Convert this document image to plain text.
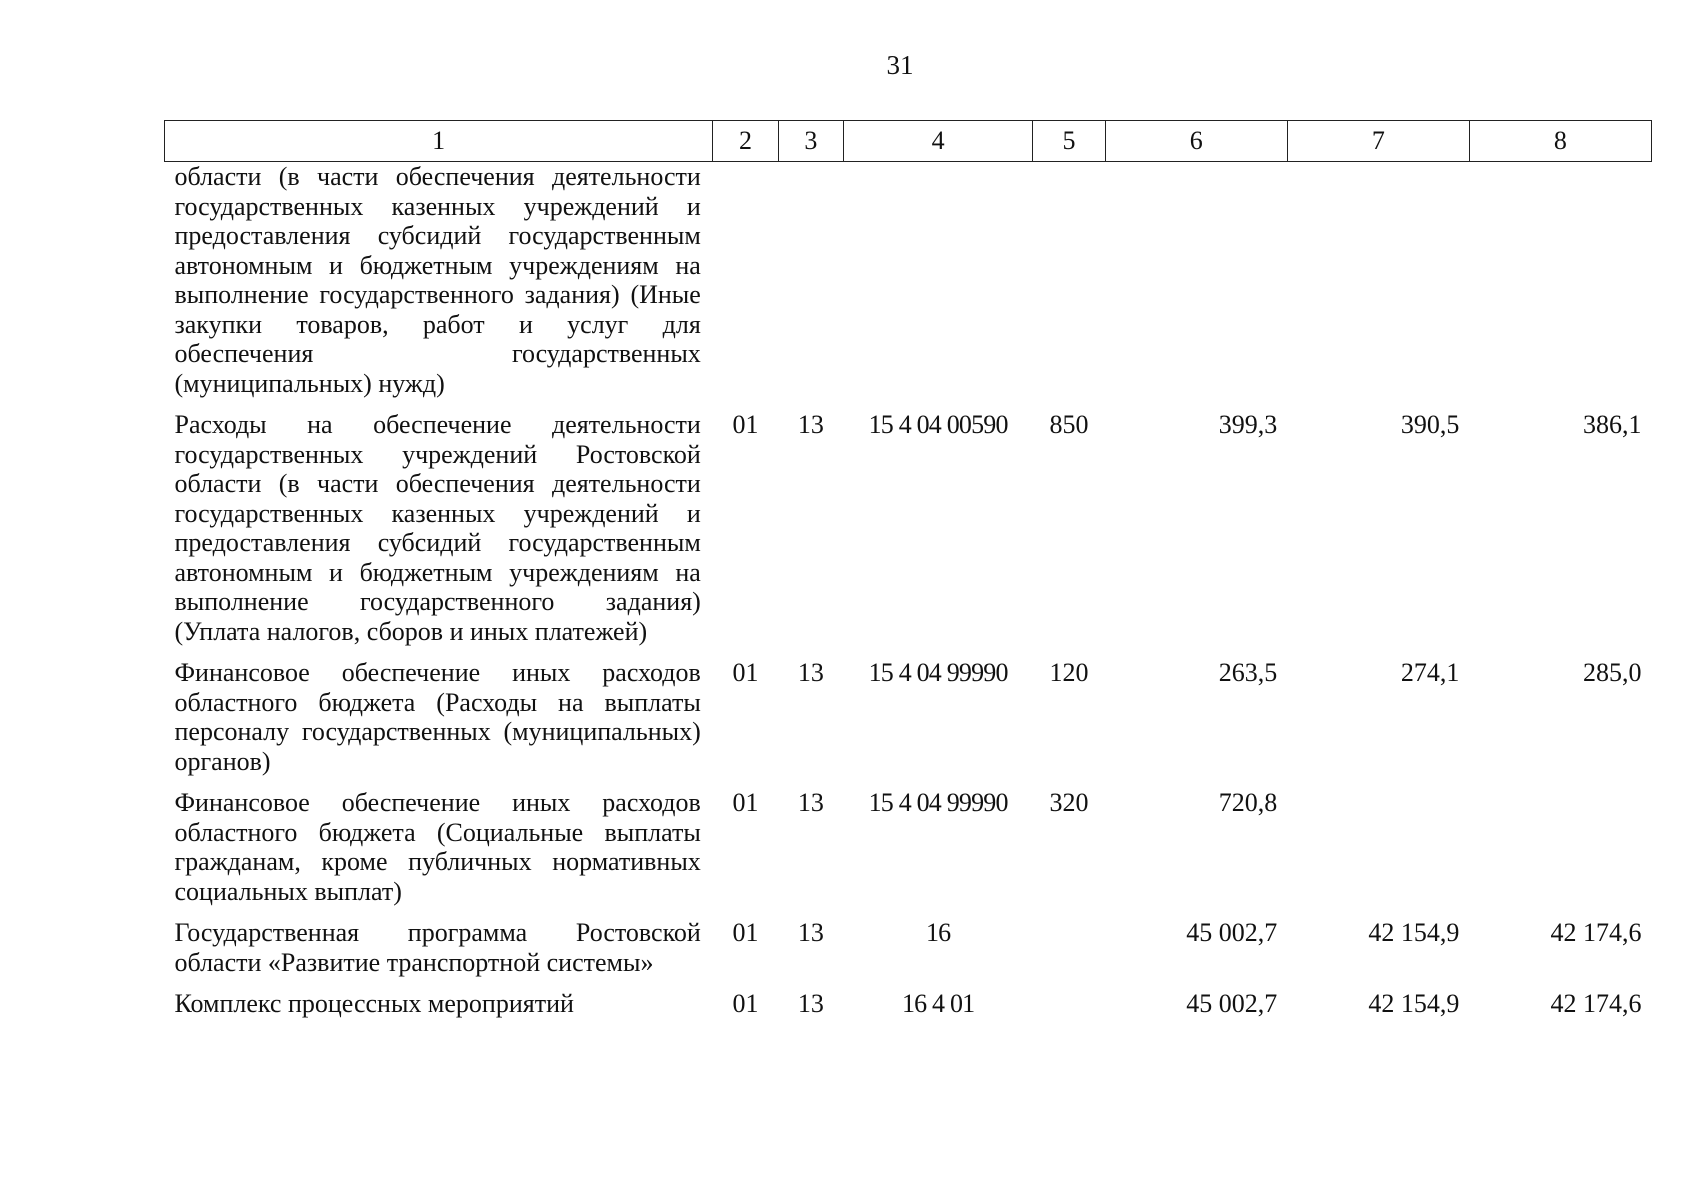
31
1	2	3	4	5	6	7	8
области (в части обеспечения деятельности государственных казенных учреждений и предоставления субсидий государственным автономным и бюджетным учреждениям на выполнение государственного задания) (Иные закупки товаров, работ и услуг для обеспечения государственных (муниципальных) нужд)							
Расходы на обеспечение деятельности государственных учреждений Ростовской области (в части обеспечения деятельности государственных казенных учреждений и предоставления субсидий государственным автономным и бюджетным учреждениям на выполнение государственного задания) (Уплата налогов, сборов и иных платежей)	01	13	15 4 04 00590	850	399,3	390,5	386,1
Финансовое обеспечение иных расходов областного бюджета (Расходы на выплаты персоналу государственных (муниципальных) органов)	01	13	15 4 04 99990	120	263,5	274,1	285,0
Финансовое обеспечение иных расходов областного бюджета (Социальные выплаты гражданам, кроме публичных нормативных социальных выплат)	01	13	15 4 04 99990	320	720,8		
Государственная программа Ростовской области «Развитие транспортной системы»	01	13	16		45 002,7	42 154,9	42 174,6
Комплекс процессных мероприятий	01	13	16 4 01		45 002,7	42 154,9	42 174,6
